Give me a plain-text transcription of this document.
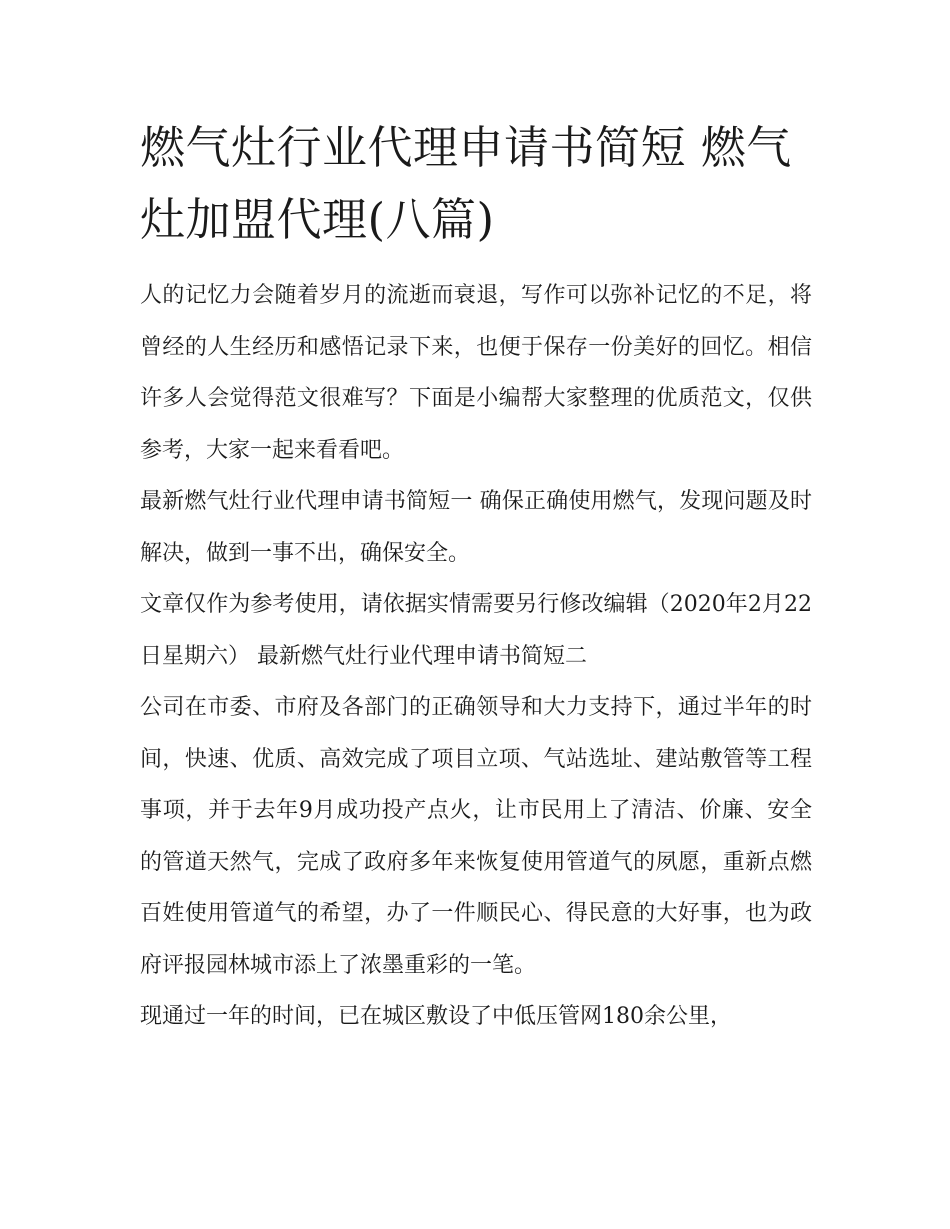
燃气灶行业代理申请书简短 燃气灶加盟代理(八篇)

人的记忆力会随着岁月的流逝而衰退，写作可以弥补记忆的不足，将曾经的人生经历和感悟记录下来，也便于保存一份美好的回忆。相信许多人会觉得范文很难写？下面是小编帮大家整理的优质范文，仅供参考，大家一起来看看吧。

最新燃气灶行业代理申请书简短一 确保正确使用燃气，发现问题及时解决，做到一事不出，确保安全。

文章仅作为参考使用，请依据实情需要另行修改编辑（2020年2月22日星期六） 最新燃气灶行业代理申请书简短二

公司在市委、市府及各部门的正确领导和大力支持下，通过半年的时间，快速、优质、高效完成了项目立项、气站选址、建站敷管等工程事项，并于去年9月成功投产点火，让市民用上了清洁、价廉、安全的管道天然气，完成了政府多年来恢复使用管道气的夙愿，重新点燃百姓使用管道气的希望，办了一件顺民心、得民意的大好事，也为政府评报园林城市添上了浓墨重彩的一笔。

现通过一年的时间，已在城区敷设了中低压管网180余公里，
